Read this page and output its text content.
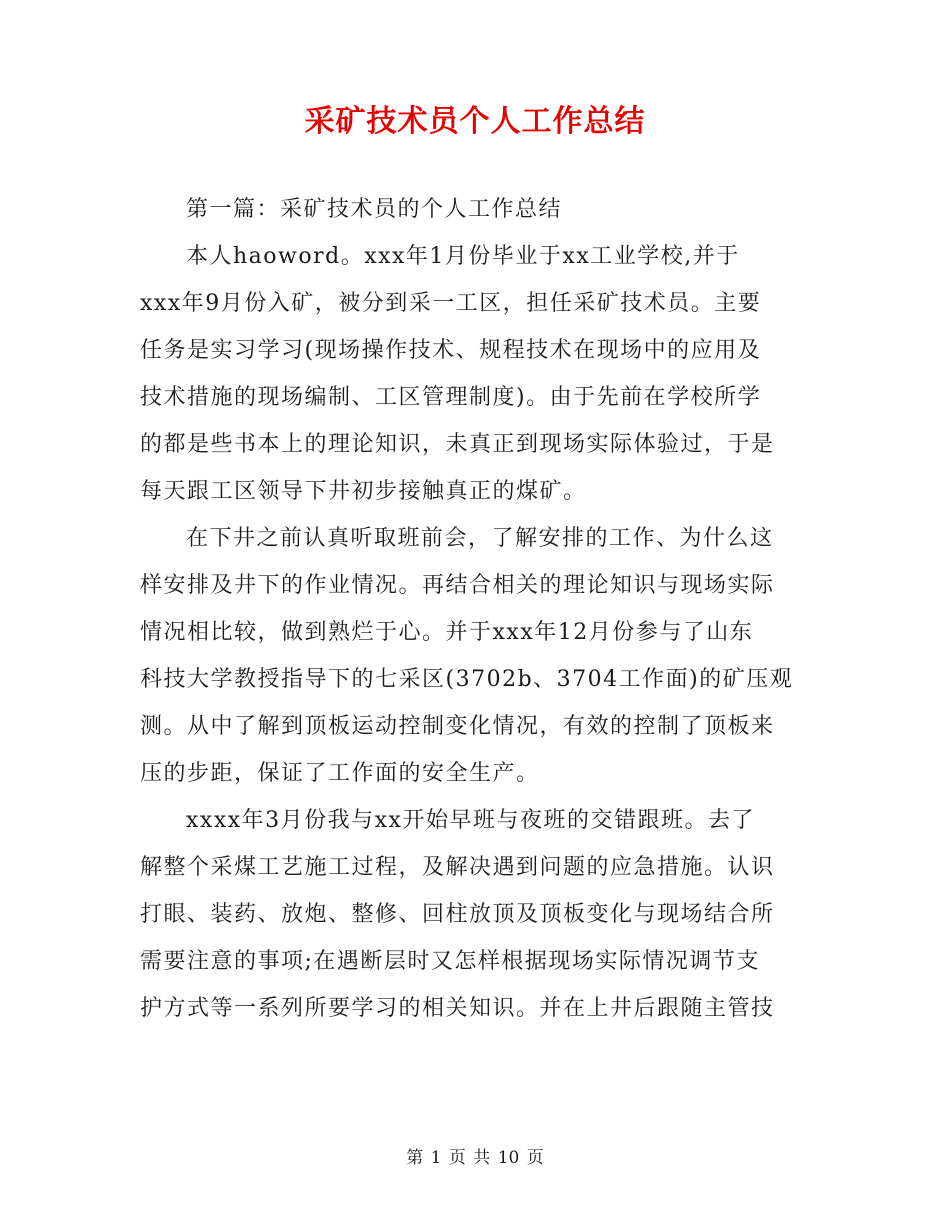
采矿技术员个人工作总结
第一篇：采矿技术员的个人工作总结
本人haoword。xxx年1月份毕业于xx工业学校,并于
xxx年9月份入矿，被分到采一工区，担任采矿技术员。主要
任务是实习学习(现场操作技术、规程技术在现场中的应用及
技术措施的现场编制、工区管理制度)。由于先前在学校所学
的都是些书本上的理论知识，未真正到现场实际体验过，于是
每天跟工区领导下井初步接触真正的煤矿。
在下井之前认真听取班前会，了解安排的工作、为什么这
样安排及井下的作业情况。再结合相关的理论知识与现场实际
情况相比较，做到熟烂于心。并于xxx年12月份参与了山东
科技大学教授指导下的七采区(3702b、3704工作面)的矿压观
测。从中了解到顶板运动控制变化情况，有效的控制了顶板来
压的步距，保证了工作面的安全生产。
xxxx年3月份我与xx开始早班与夜班的交错跟班。去了
解整个采煤工艺施工过程，及解决遇到问题的应急措施。认识
打眼、装药、放炮、整修、回柱放顶及顶板变化与现场结合所
需要注意的事项;在遇断层时又怎样根据现场实际情况调节支
护方式等一系列所要学习的相关知识。并在上井后跟随主管技
第 1 页 共 10 页
